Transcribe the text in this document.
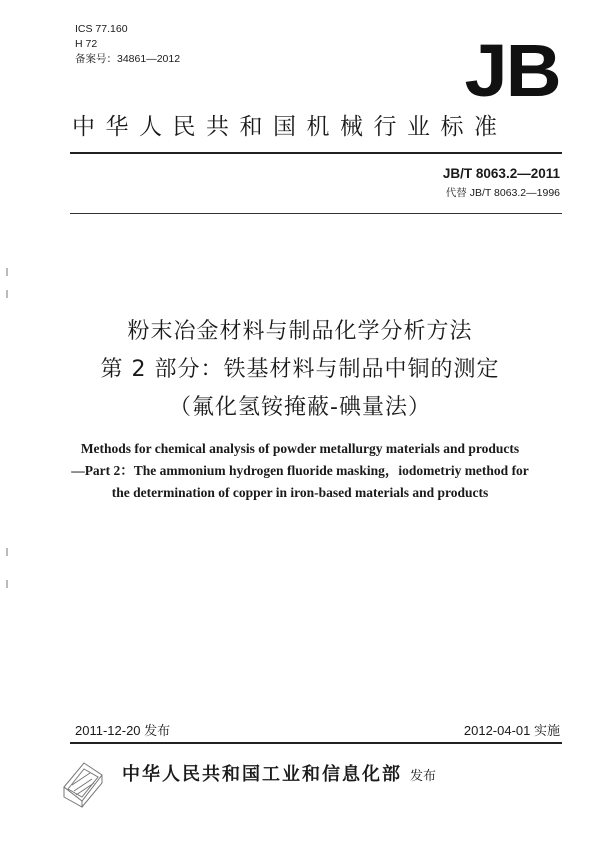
ICS 77.160
H 72
备案号：34861—2012	JB
中华人民共和国机械行业标准
JB/T 8063.2—2011
代替 JB/T 8063.2—1996
粉末冶金材料与制品化学分析方法
第 2 部分：铁基材料与制品中铜的测定
（氟化氢铵掩蔽-碘量法）
Methods for chemical analysis of powder metallurgy materials and products
—Part 2：The ammonium hydrogen fluoride masking，iodometriy method for
the determination of copper in iron-based materials and products
2011-12-20 发布	2012-04-01 实施
中华人民共和国工业和信息化部 发布
